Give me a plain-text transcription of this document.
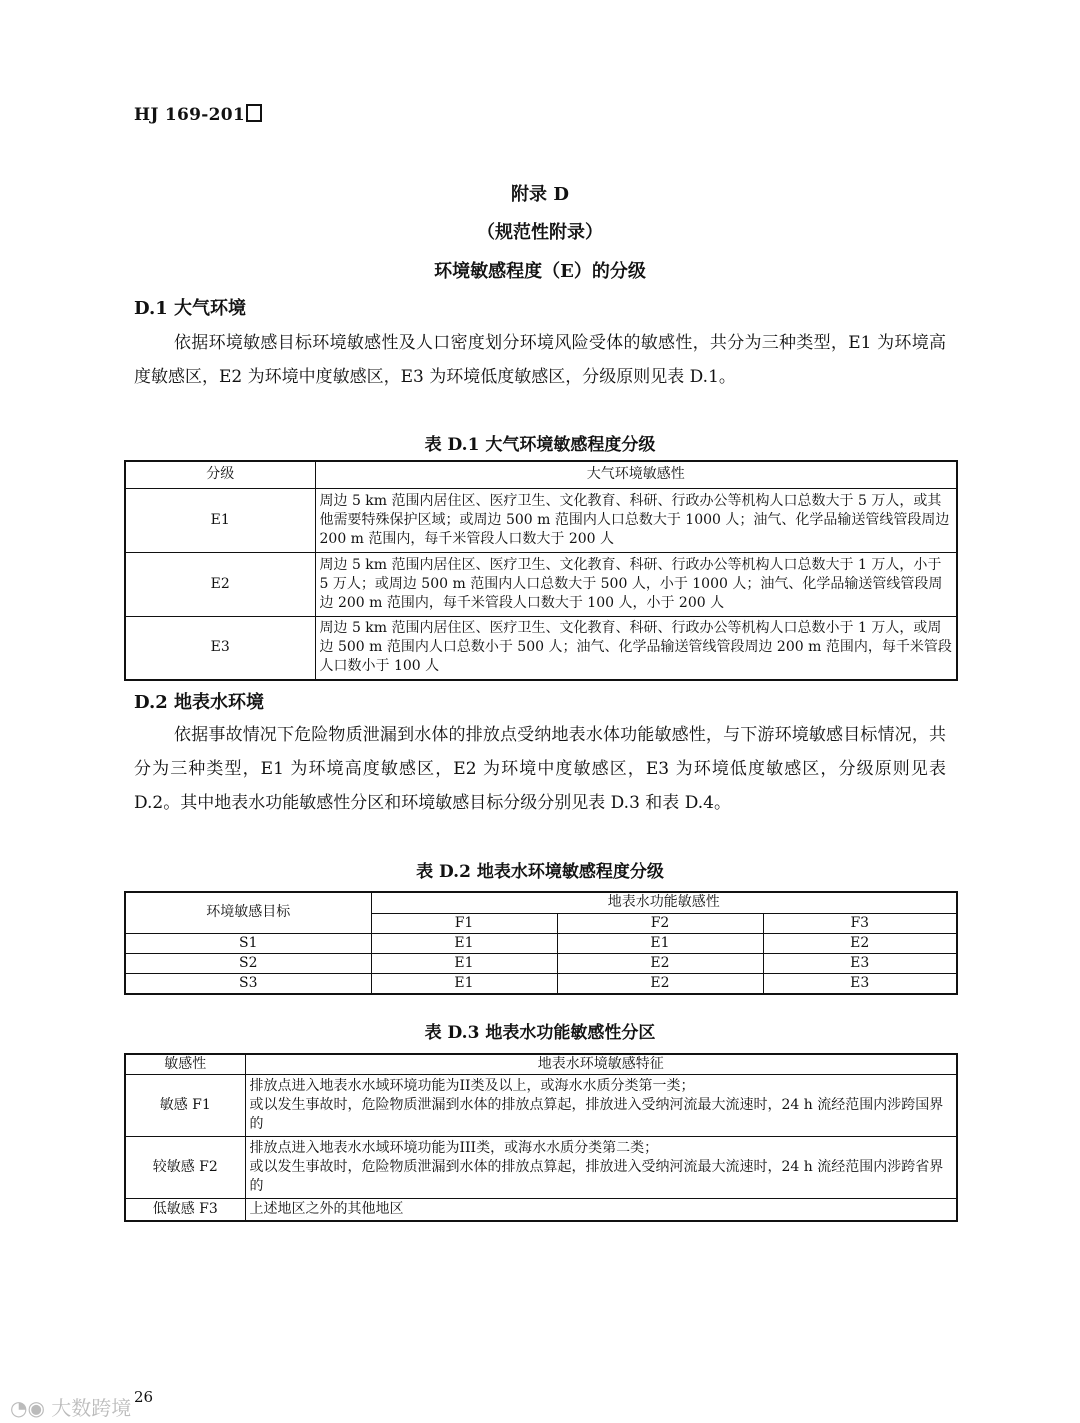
HJ 169-201
附录 D
（规范性附录）
环境敏感程度（E）的分级
D.1 大气环境
依据环境敏感目标环境敏感性及人口密度划分环境风险受体的敏感性，共分为三种类型，E1 为环境高度敏感区，E2 为环境中度敏感区，E3 为环境低度敏感区，分级原则见表 D.1。
表 D.1 大气环境敏感程度分级
分级	大气环境敏感性
E1	周边 5 km 范围内居住区、医疗卫生、文化教育、科研、行政办公等机构人口总数大于 5 万人，或其他需要特殊保护区域；或周边 500 m 范围内人口总数大于 1000 人；油气、化学品输送管线管段周边 200 m 范围内，每千米管段人口数大于 200 人
E2	周边 5 km 范围内居住区、医疗卫生、文化教育、科研、行政办公等机构人口总数大于 1 万人，小于 5 万人；或周边 500 m 范围内人口总数大于 500 人，小于 1000 人；油气、化学品输送管线管段周边 200 m 范围内，每千米管段人口数大于 100 人，小于 200 人
E3	周边 5 km 范围内居住区、医疗卫生、文化教育、科研、行政办公等机构人口总数小于 1 万人，或周边 500 m 范围内人口总数小于 500 人；油气、化学品输送管线管段周边 200 m 范围内，每千米管段人口数小于 100 人
D.2 地表水环境
依据事故情况下危险物质泄漏到水体的排放点受纳地表水体功能敏感性，与下游环境敏感目标情况，共分为三种类型，E1 为环境高度敏感区，E2 为环境中度敏感区，E3 为环境低度敏感区，分级原则见表 D.2。其中地表水功能敏感性分区和环境敏感目标分级分别见表 D.3 和表 D.4。
表 D.2 地表水环境敏感程度分级
环境敏感目标	地表水功能敏感性		
	F1	F2	F3
S1	E1	E1	E2
S2	E1	E2	E3
S3	E1	E2	E3
表 D.3 地表水功能敏感性分区
敏感性	地表水环境敏感特征
敏感 F1	排放点进入地表水水域环境功能为II类及以上，或海水水质分类第一类；
或以发生事故时，危险物质泄漏到水体的排放点算起，排放进入受纳河流最大流速时，24 h 流经范围内涉跨国界的

较敏感 F2	排放点进入地表水水域环境功能为III类，或海水水质分类第二类；
或以发生事故时，危险物质泄漏到水体的排放点算起，排放进入受纳河流最大流速时，24 h 流经范围内涉跨省界的

低敏感 F3	上述地区之外的其他地区
26
◔◉ 大数跨境
